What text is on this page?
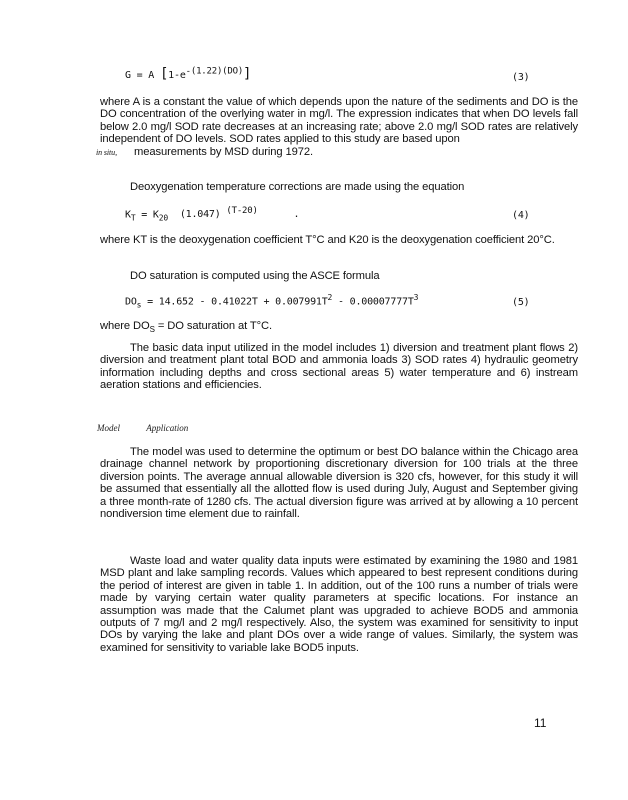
G = A $[1-e^{-(1.22)(DO)}]$	(3)
where A is a constant the value of which depends upon the nature of the sediments and DO is the DO concentration of the overlying water in mg/l. The expression indicates that when DO levels fall below 2.0 mg/l SOD rate decreases at an increasing rate; above 2.0 mg/l SOD rates are relatively independent of DO levels. SOD rates applied to this study are based upon
in situ, measurements by MSD during 1972.
Deoxygenation temperature corrections are made using the equation
$K_T = K_{20}$ (1.047) $^{(T-20)}$	.	(4)
where KT is the deoxygenation coefficient T°C and K20 is the deoxygenation coefficient 20°C.
DO saturation is computed using the ASCE formula
$DO_s = 14.652 - 0.41022T + 0.007991T^2 - 0.00007777T^3$	(5)
where $DO_S$ = DO saturation at T°C.
The basic data input utilized in the model includes 1) diversion and treatment plant flows 2) diversion and treatment plant total BOD and ammonia loads 3) SOD rates 4) hydraulic geometry information including depths and cross sectional areas 5) water temperature and 6) instream aeration stations and efficiencies.
Model	Application
The model was used to determine the optimum or best DO balance within the Chicago area drainage channel network by proportioning discretionary diversion for 100 trials at the three diversion points. The average annual allowable diversion is 320 cfs, however, for this study it will be assumed that essentially all the allotted flow is used during July, August and September giving a three month-rate of 1280 cfs. The actual diversion figure was arrived at by allowing a 10 percent nondiversion time element due to rainfall.
Waste load and water quality data inputs were estimated by examining the 1980 and 1981 MSD plant and lake sampling records. Values which appeared to best represent conditions during the period of interest are given in table 1. In addition, out of the 100 runs a number of trials were made by varying certain water quality parameters at specific locations. For instance an assumption was made that the Calumet plant was upgraded to achieve BOD5 and ammonia outputs of 7 mg/l and 2 mg/l respectively. Also, the system was examined for sensitivity to input DOs by varying the lake and plant DOs over a wide range of values. Similarly, the system was examined for sensitivity to variable lake BOD5 inputs.
11
